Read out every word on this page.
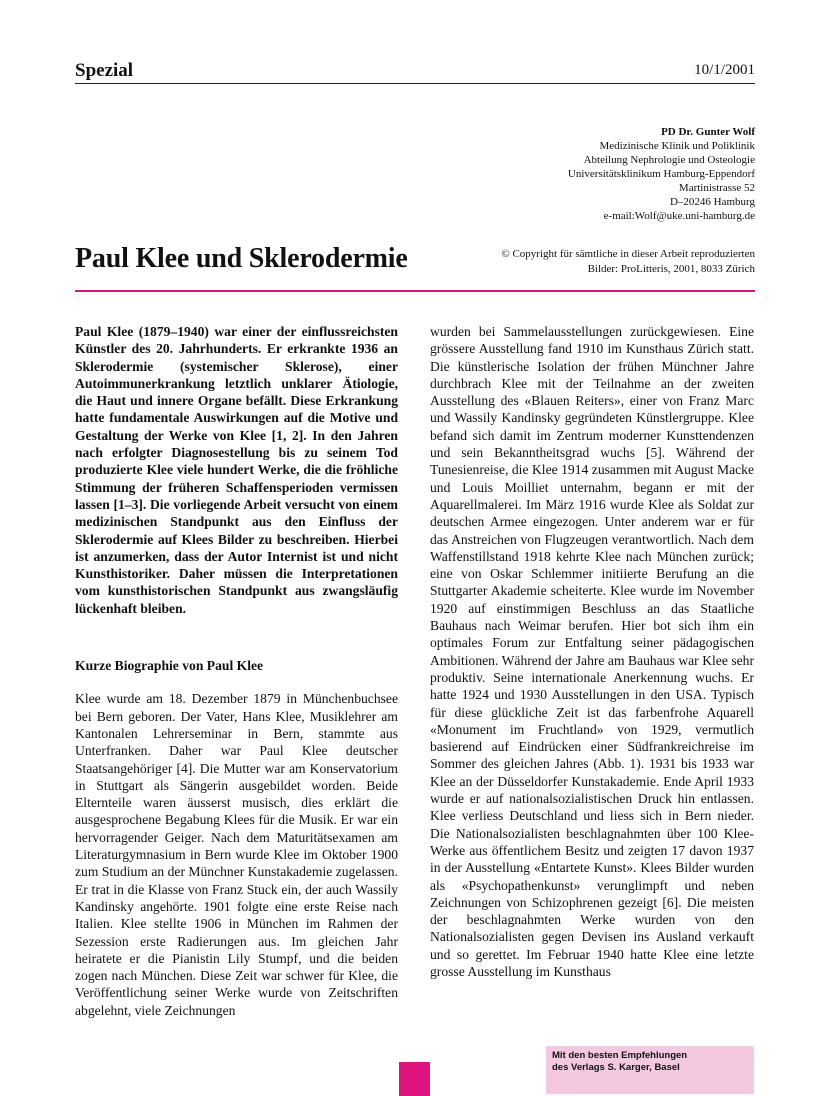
Spezial	10/1/2001
PD Dr. Gunter Wolf
Medizinische Klinik und Poliklinik
Abteilung Nephrologie und Osteologie
Universitätsklinikum Hamburg-Eppendorf
Martinistrasse 52
D–20246 Hamburg
e-mail:Wolf@uke.uni-hamburg.de
Paul Klee und Sklerodermie	© Copyright für sämtliche in dieser Arbeit reproduzierten Bilder: ProLitteris, 2001, 8033 Zürich

Paul Klee (1879–1940) war einer der einflussreichsten Künstler des 20. Jahrhunderts. Er erkrankte 1936 an Sklerodermie (systemischer Sklerose), einer Autoimmunerkrankung letztlich unklarer Ätiologie, die Haut und innere Organe befällt. Diese Erkrankung hatte fundamentale Auswirkungen auf die Motive und Gestaltung der Werke von Klee [1, 2]. In den Jahren nach erfolgter Diagnosestellung bis zu seinem Tod produzierte Klee viele hundert Werke, die die fröhliche Stimmung der früheren Schaffensperioden vermissen lassen [1–3]. Die vorliegende Arbeit versucht von einem medizinischen Standpunkt aus den Einfluss der Sklerodermie auf Klees Bilder zu beschreiben. Hierbei ist anzumerken, dass der Autor Internist ist und nicht Kunsthistoriker. Daher müssen die Interpretationen vom kunsthistorischen Standpunkt aus zwangsläufig lückenhaft bleiben.

Kurze Biographie von Paul Klee

Klee wurde am 18. Dezember 1879 in Münchenbuchsee bei Bern geboren. Der Vater, Hans Klee, Musiklehrer am Kantonalen Lehrerseminar in Bern, stammte aus Unterfranken. Daher war Paul Klee deutscher Staatsangehöriger [4]. Die Mutter war am Konservatorium in Stuttgart als Sängerin ausgebildet worden. Beide Elternteile waren äusserst musisch, dies erklärt die ausgesprochene Begabung Klees für die Musik. Er war ein hervorragender Geiger. Nach dem Maturitätsexamen am Literaturgymnasium in Bern wurde Klee im Oktober 1900 zum Studium an der Münchner Kunstakademie zugelassen. Er trat in die Klasse von Franz Stuck ein, der auch Wassily Kandinsky angehörte. 1901 folgte eine erste Reise nach Italien. Klee stellte 1906 in München im Rahmen der Sezession erste Radierungen aus. Im gleichen Jahr heiratete er die Pianistin Lily Stumpf, und die beiden zogen nach München. Diese Zeit war schwer für Klee, die Veröffentlichung seiner Werke wurde von Zeitschriften abgelehnt, viele Zeichnungen

wurden bei Sammelausstellungen zurückgewiesen. Eine grössere Ausstellung fand 1910 im Kunsthaus Zürich statt. Die künstlerische Isolation der frühen Münchner Jahre durchbrach Klee mit der Teilnahme an der zweiten Ausstellung des «Blauen Reiters», einer von Franz Marc und Wassily Kandinsky gegründeten Künstlergruppe. Klee befand sich damit im Zentrum moderner Kunsttendenzen und sein Bekanntheitsgrad wuchs [5]. Während der Tunesienreise, die Klee 1914 zusammen mit August Macke und Louis Moilliet unternahm, begann er mit der Aquarellmalerei. Im März 1916 wurde Klee als Soldat zur deutschen Armee eingezogen. Unter anderem war er für das Anstreichen von Flugzeugen verantwortlich. Nach dem Waffenstillstand 1918 kehrte Klee nach München zurück; eine von Oskar Schlemmer initiierte Berufung an die Stuttgarter Akademie scheiterte. Klee wurde im November 1920 auf einstimmigen Beschluss an das Staatliche Bauhaus nach Weimar berufen. Hier bot sich ihm ein optimales Forum zur Entfaltung seiner pädagogischen Ambitionen. Während der Jahre am Bauhaus war Klee sehr produktiv. Seine internationale Anerkennung wuchs. Er hatte 1924 und 1930 Ausstellungen in den USA. Typisch für diese glückliche Zeit ist das farbenfrohe Aquarell «Monument im Fruchtland» von 1929, vermutlich basierend auf Eindrücken einer Südfrankreichreise im Sommer des gleichen Jahres (Abb. 1). 1931 bis 1933 war Klee an der Düsseldorfer Kunstakademie. Ende April 1933 wurde er auf nationalsozialistischen Druck hin entlassen. Klee verliess Deutschland und liess sich in Bern nieder. Die Nationalsozialisten beschlagnahmten über 100 Klee-Werke aus öffentlichem Besitz und zeigten 17 davon 1937 in der Ausstellung «Entartete Kunst». Klees Bilder wurden als «Psychopathenkunst» verunglimpft und neben Zeichnungen von Schizophrenen gezeigt [6]. Die meisten der beschlagnahmten Werke wurden von den Nationalsozialisten gegen Devisen ins Ausland verkauft und so gerettet. Im Februar 1940 hatte Klee eine letzte grosse Ausstellung im Kunsthaus

Mit den besten Empfehlungen
des Verlags S. Karger, Basel
